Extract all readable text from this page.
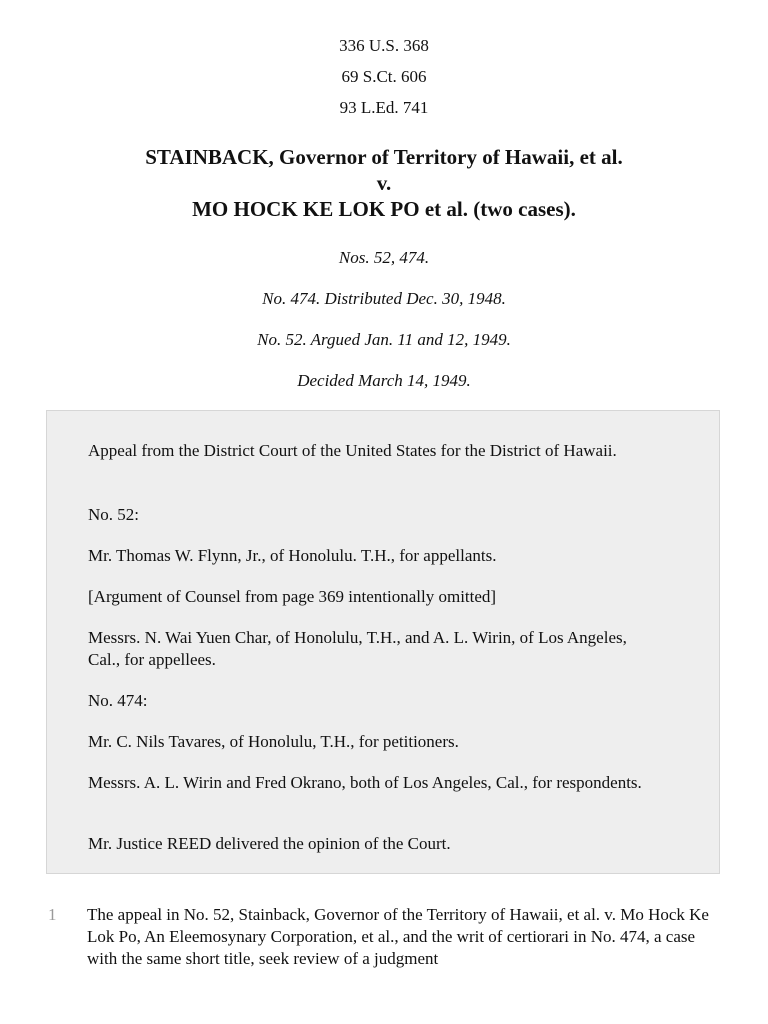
336 U.S. 368
69 S.Ct. 606
93 L.Ed. 741
STAINBACK, Governor of Territory of Hawaii, et al.
v.
MO HOCK KE LOK PO et al. (two cases).
Nos. 52, 474.
No. 474. Distributed Dec. 30, 1948.
No. 52. Argued Jan. 11 and 12, 1949.
Decided March 14, 1949.
Appeal from the District Court of the United States for the District of Hawaii.
No. 52:
Mr. Thomas W. Flynn, Jr., of Honolulu. T.H., for appellants.
[Argument of Counsel from page 369 intentionally omitted]
Messrs. N. Wai Yuen Char, of Honolulu, T.H., and A. L. Wirin, of Los Angeles, Cal., for appellees.
No. 474:
Mr. C. Nils Tavares, of Honolulu, T.H., for petitioners.
Messrs. A. L. Wirin and Fred Okrano, both of Los Angeles, Cal., for respondents.
Mr. Justice REED delivered the opinion of the Court.
1 The appeal in No. 52, Stainback, Governor of the Territory of Hawaii, et al. v. Mo Hock Ke Lok Po, An Eleemosynary Corporation, et al., and the writ of certiorari in No. 474, a case with the same short title, seek review of a judgment
